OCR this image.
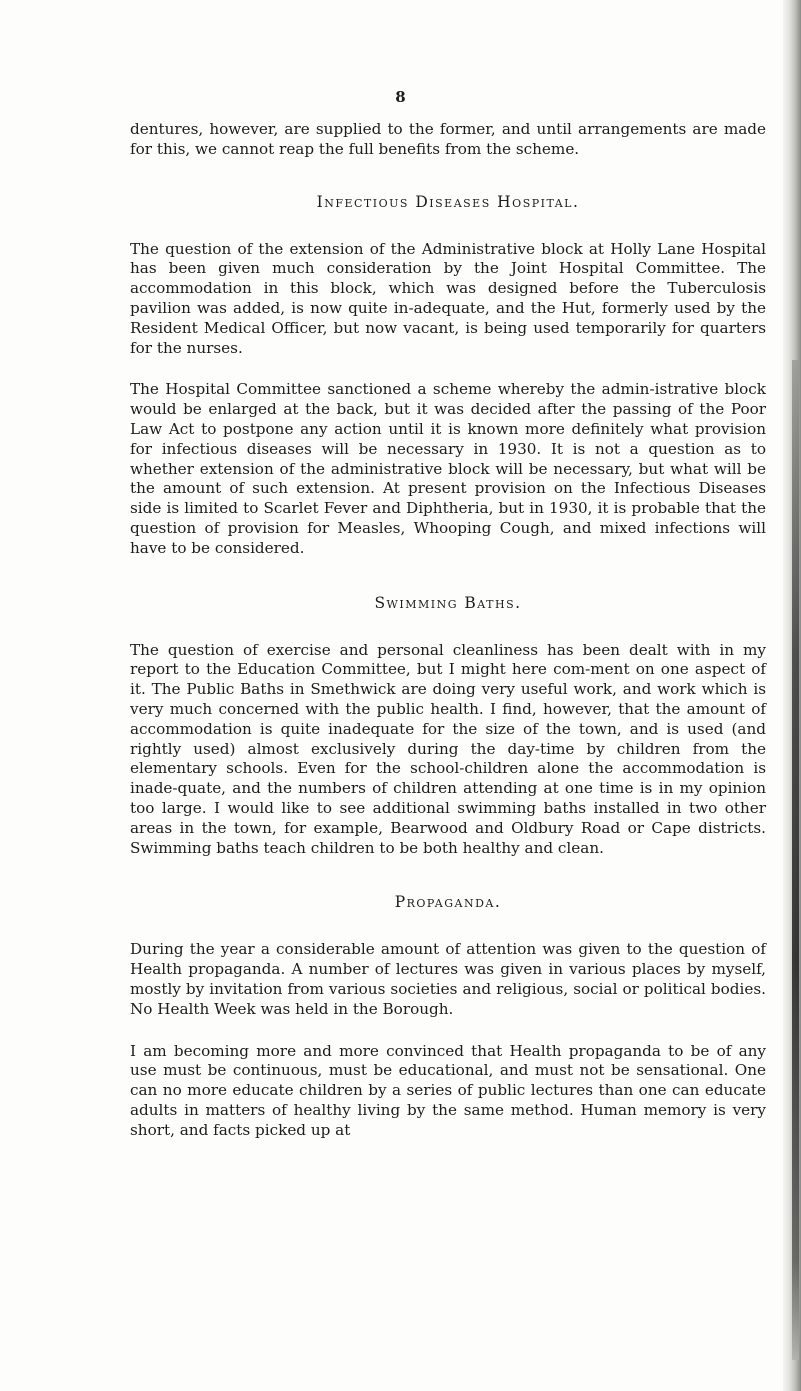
8

dentures, however, are supplied to the former, and until arrangements are made for this, we cannot reap the full benefits from the scheme.

Infectious Diseases Hospital.

The question of the extension of the Administrative block at Holly Lane Hospital has been given much consideration by the Joint Hospital Committee. The accommodation in this block, which was designed before the Tuberculosis pavilion was added, is now quite in-adequate, and the Hut, formerly used by the Resident Medical Officer, but now vacant, is being used temporarily for quarters for the nurses.

The Hospital Committee sanctioned a scheme whereby the admin-istrative block would be enlarged at the back, but it was decided after the passing of the Poor Law Act to postpone any action until it is known more definitely what provision for infectious diseases will be necessary in 1930. It is not a question as to whether extension of the administrative block will be necessary, but what will be the amount of such extension. At present provision on the Infectious Diseases side is limited to Scarlet Fever and Diphtheria, but in 1930, it is probable that the question of provision for Measles, Whooping Cough, and mixed infections will have to be considered.

Swimming Baths.

The question of exercise and personal cleanliness has been dealt with in my report to the Education Committee, but I might here com-ment on one aspect of it. The Public Baths in Smethwick are doing very useful work, and work which is very much concerned with the public health. I find, however, that the amount of accommodation is quite inadequate for the size of the town, and is used (and rightly used) almost exclusively during the day-time by children from the elementary schools. Even for the school-children alone the accommodation is inade-quate, and the numbers of children attending at one time is in my opinion too large. I would like to see additional swimming baths installed in two other areas in the town, for example, Bearwood and Oldbury Road or Cape districts. Swimming baths teach children to be both healthy and clean.

Propaganda.

During the year a considerable amount of attention was given to the question of Health propaganda. A number of lectures was given in various places by myself, mostly by invitation from various societies and religious, social or political bodies. No Health Week was held in the Borough.

I am becoming more and more convinced that Health propaganda to be of any use must be continuous, must be educational, and must not be sensational. One can no more educate children by a series of public lectures than one can educate adults in matters of healthy living by the same method. Human memory is very short, and facts picked up at
